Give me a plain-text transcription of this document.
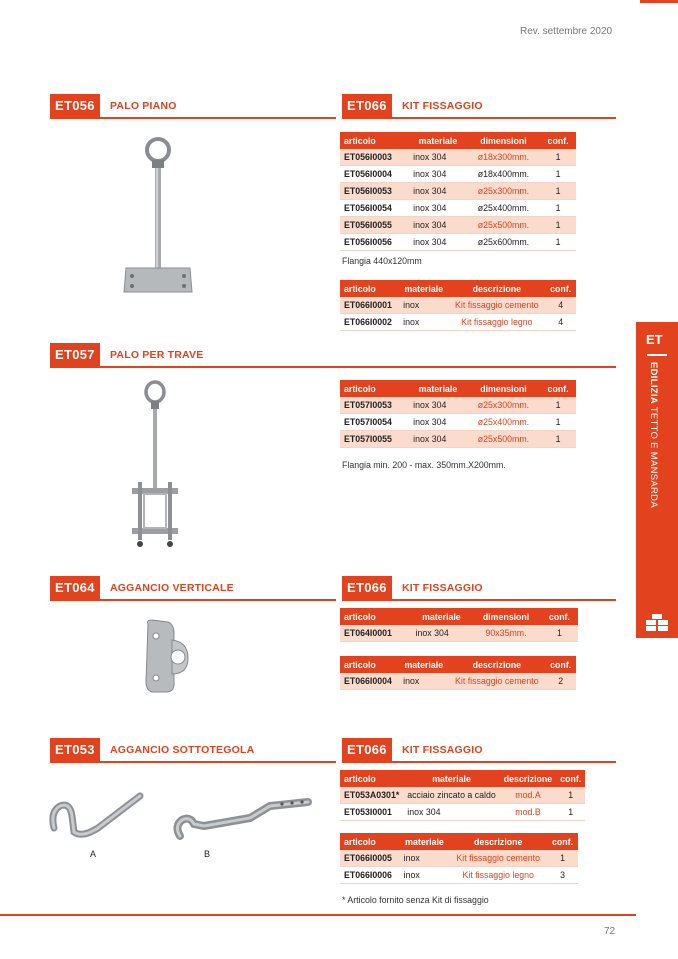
Rev. settembre 2020
ET056	PALO PIANO	ET066	KIT FISSAGGIO
articolo	materiale	dimensioni	conf.
ET056I0003	inox 304	ø18x300mm.	1
ET056I0004	inox 304	ø18x400mm.	1
ET056I0053	inox 304	ø25x300mm.	1
ET056I0054	inox 304	ø25x400mm.	1
ET056I0055	inox 304	ø25x500mm.	1
ET056I0056	inox 304	ø25x600mm.	1
Flangia 440x120mm
articolo	materiale	descrizione	conf.
ET066I0001	inox	Kit fissaggio cemento	4
ET066I0002	inox	Kit fissaggio legno	4
ET057	PALO PER TRAVE
articolo	materiale	dimensioni	conf.
ET057I0053	inox 304	ø25x300mm.	1
ET057I0054	inox 304	ø25x400mm.	1
ET057I0055	inox 304	ø25x500mm.	1
Flangia min. 200 - max. 350mm.X200mm.
ET064	AGGANCIO VERTICALE	ET066	KIT FISSAGGIO
articolo	materiale	dimensioni	conf.
ET064I0001	inox 304	90x35mm.	1
articolo	materiale	descrizione	conf.
ET066I0004	inox	Kit fissaggio cemento	2
ET053	AGGANCIO SOTTOTEGOLA	ET066	KIT FISSAGGIO
A	B
articolo	materiale	descrizione	conf.
ET053A0301*	acciaio zincato a caldo	mod.A	1
ET053I0001	inox 304	mod.B	1
articolo	materiale	descrizione	conf.
ET066I0005	inox	Kit fissaggio cemento	1
ET066I0006	inox	Kit fissaggio legno	3
* Articolo fornito senza Kit di fissaggio
ET
EDILIZIA TETTO E MANSARDA
72
